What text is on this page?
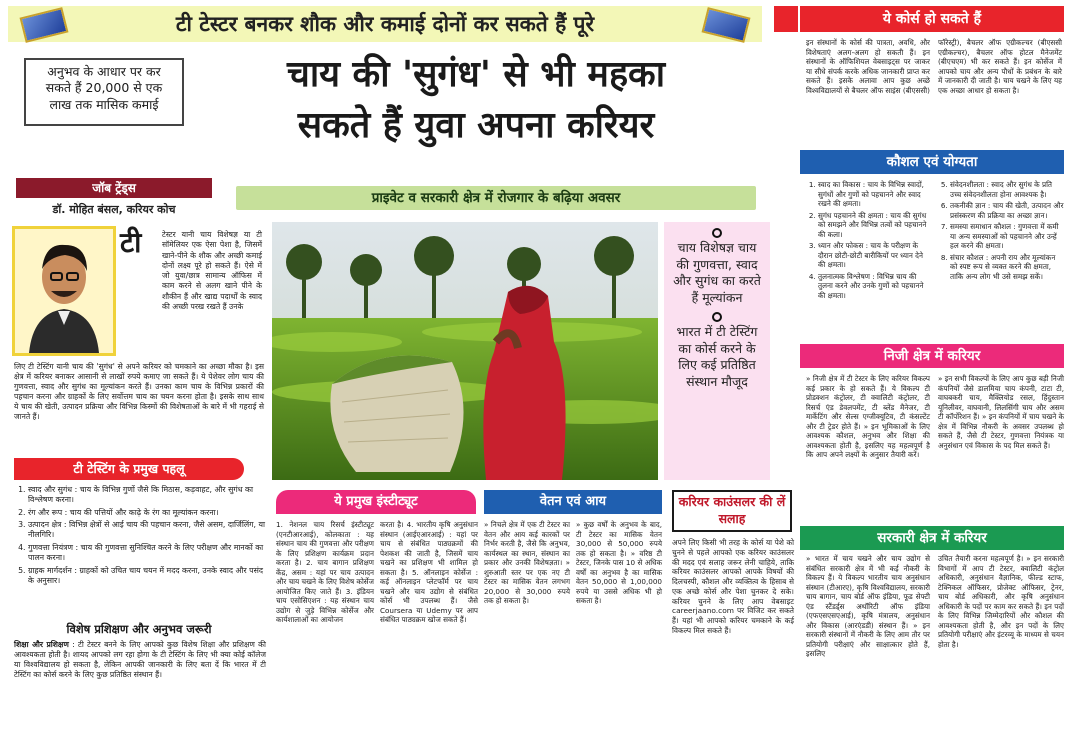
टी टेस्टर बनकर शौक और कमाई दोनों कर सकते हैं पूरे
अनुभव के आधार पर कर सकते हैं 20,000 से एक लाख तक मासिक कमाई
चाय की 'सुगंध' से भी महका
सकते हैं युवा अपना करियर
जॉब ट्रेंड्स
डॉ. मोहित बंसल, करियर कोच
टी	टेस्टर यानी चाय विशेषज्ञ या टी सॉमेलियर एक ऐसा पेशा है, जिसमें खाने-पीने के शौक और अच्छी कमाई दोनों लक्ष्य पूरे हो सकते हैं। ऐसे में जो युवा/छात्र सामान्य ऑफिस में काम करने से अलग खाने पीने के शौकीन हैं और खाद्य पदार्थों के स्वाद की अच्छी परख रखते हैं उनके
लिए टी टेस्टिंग यानी चाय की 'सुगंध' से अपने करियर को चमकाने का अच्छा मौका है। इस क्षेत्र में करियर बनाकर आसानी से लाखों रुपये कमाए जा सकते हैं। ये पेशेवर लोग चाय की गुणवत्ता, स्वाद और सुगंध का मूल्यांकन करते हैं। उनका काम चाय के विभिन्न प्रकारों की पहचान करना और ग्राहकों के लिए सर्वोत्तम चाय का चयन करना होता है। इसके साथ साथ ये चाय की खेती, उत्पादन प्रक्रिया और विभिन्न किस्मों की विशेषताओं के बारे में भी गहराई से जानते हैं।
टी टेस्टिंग के प्रमुख पहलू
1. स्वाद और सुगंध : चाय के विभिन्न गुणों जैसे कि मिठास, कड़वाहट, और सुगंध का विश्लेषण करना।
2. रंग और रूप : चाय की पत्तियों और काढ़े के रंग का मूल्यांकन करना।
3. उत्पादन क्षेत्र : विभिन्न क्षेत्रों से आई चाय की पहचान करना, जैसे असम, दार्जिलिंग, या नीलगिरि।
4. गुणवत्ता नियंत्रण : चाय की गुणवत्ता सुनिश्चित करने के लिए परीक्षण और मानकों का पालन करना।
5. ग्राहक मार्गदर्शन : ग्राहकों को उचित चाय चयन में मदद करना, उनके स्वाद और पसंद के अनुसार।
विशेष प्रशिक्षण और अनुभव जरूरी
शिक्षा और प्रशिक्षण : टी टेस्टर बनने के लिए आपको कुछ विशेष शिक्षा और प्रशिक्षण की आवश्यकता होती है। शायद आपको लग रहा होगा के टी टेस्टिंग के लिए भी क्या कोई कॉलेज या विश्वविद्यालय हो सकता है, लेकिन आपकी जानकारी के लिए बता दें कि भारत में टी टेस्टिंग का कोर्स करने के लिए कुछ प्रतिष्ठित संस्थान हैं।
प्राइवेट व सरकारी क्षेत्र में रोजगार के बढ़िया अवसर
चाय विशेषज्ञ चाय की गुणवत्ता, स्वाद और सुगंध का करते हैं मूल्यांकन
भारत में टी टेस्टिंग का कोर्स करने के लिए कई प्रतिष्ठित संस्थान मौजूद
ये प्रमुख इंस्टीट्यूट
1. नेशनल चाय रिसर्च इंस्टीट्यूट (एनटीआरआई), कोलकाता : यह संस्थान चाय की गुणवत्ता और परीक्षण के लिए प्रशिक्षण कार्यक्रम प्रदान करता है। 2. चाय बागान प्रशिक्षण केंद्र, असम : यहां पर चाय उत्पादन और चाय चखने के लिए विशेष कोर्सेज आयोजित किए जाते हैं। 3. इंडियन चाय एसोसिएशन : यह संस्थान चाय उद्योग से जुड़े विभिन्न कोर्सेज और कार्यशालाओं का आयोजन
करता है। 4. भारतीय कृषि अनुसंधान संस्थान (आईएआरआई) : यहां पर चाय से संबंधित पाठ्यक्रमों की पेशकश की जाती है, जिसमें चाय चखने का प्रशिक्षण भी शामिल हो सकता है। 5. ऑनलाइन कोर्सेज : कई ऑनलाइन प्लेटफॉर्म पर चाय चखने और चाय उद्योग से संबंधित कोर्स भी उपलब्ध हैं। जैसे Coursera या Udemy पर आप संबंधित पाठ्यक्रम खोज सकते हैं।
वेतन एवं आय
» निचले क्षेत्र में एक टी टेस्टर का वेतन और आय कई कारकों पर निर्भर करती है, जैसे कि अनुभव, कार्यस्थल का स्थान, संस्थान का प्रकार और उनकी विशेषज्ञता। » शुरुआती स्तर पर एक नए टी टेस्टर का मासिक वेतन लगभग 20,000 से 30,000 रुपये तक हो सकता है।
» कुछ वर्षों के अनुभव के बाद, टी टेस्टर का मासिक वेतन 30,000 से 50,000 रुपये तक हो सकता है। » वरिष्ठ टी टेस्टर, जिनके पास 10 से अधिक वर्षों का अनुभव है का मासिक वेतन 50,000 से 1,00,000 रुपये या उससे अधिक भी हो सकता है।
करियर काउंसलर की लें सलाह
अपने लिए किसी भी तरह के कोर्स या पेशे को चुनने से पहले आपको एक करियर काउंसलर की मदद एवं सलाह जरूर लेनी चाहिये, ताकि करियर काउंसलर आपको आपके विषयों की दिलचस्पी, कौशल और व्यक्तित्व के हिसाब से एक अच्छे कोर्स और पेशा चुनकर दे सके। करियर चुनने के लिए आप वेबसाइट careerjaano.com पर विजिट कर सकते हैं। यहां भी आपको करियर चमकाने के कई विकल्प मिल सकते हैं।
ये कोर्स हो सकते हैं
इन संस्थानों के कोर्स की पात्रता, अवधि, और विशेषताएं अलग-अलग हो सकती हैं। इन संस्थानों के ऑफिशियल वेबसाइट्स पर जाकर या सीधे संपर्क करके अधिक जानकारी प्राप्त कर सकते हैं। इसके अलावा आप कुछ अच्छे विश्वविद्यालयों से बैचलर ऑफ साइंस (बीएससी)
फॉरेस्ट्री), बैचलर ऑफ एग्रीकल्चर (बीएससी एग्रीकल्चर), बैचलर ऑफ होटल मैनेजमेंट (बीएचएम) भी कर सकते हैं। इन कोर्सेज में आपको चाय और अन्य पौधों के प्रबंधन के बारे में जानकारी दी जाती है। चाय चखने के लिए यह एक अच्छा आधार हो सकता है।
कौशल एवं योग्यता
1. स्वाद का विकास : चाय के विभिन्न स्वादों, सुगंधों और गुणों को पहचानने और स्वाद रखने की क्षमता।
2. सुगंध पहचानने की क्षमता : चाय की सुगंध को समझने और विभिन्न तत्वों को पहचानने की कला।
3. ध्यान और फोकस : चाय के परीक्षण के दौरान छोटी-छोटी बारीकियों पर ध्यान देने की क्षमता।
4. तुलनात्मक विश्लेषण : विभिन्न चाय की तुलना करने और उनके गुणों को पहचानने की क्षमता।
5. संवेदनशीलता : स्वाद और सुगंध के प्रति उच्च संवेदनशीलता होना आवश्यक है।
6. तकनीकी ज्ञान : चाय की खेती, उत्पादन और प्रसंस्करण की प्रक्रिया का अच्छा ज्ञान।
7. समस्या समाधान कौशल : गुणवत्ता में कमी या अन्य समस्याओं को पहचानने और उन्हें हल करने की क्षमता।
8. संचार कौशल : अपनी राय और मूल्यांकन को स्पष्ट रूप से व्यक्त करने की क्षमता, ताकि अन्य लोग भी उसे समझ सकें।
निजी क्षेत्र में करियर
» निजी क्षेत्र में टी टेस्टर के लिए करियर विकल्प कई प्रकार के हो सकते हैं। ये विकल्प टी प्रोडक्शन कंट्रोलर, टी क्वालिटी कंट्रोलर, टी रिसर्च एंड डेवलपमेंट, टी ब्लेंड मैनेजर, टी मार्केटिंग और सेल्स एग्जीक्यूटिव, टी कंसल्टेंट और टी ट्रेडर होते हैं। » इन भूमिकाओं के लिए आवश्यक कौशल, अनुभव और शिक्षा की आवश्यकता होती है, इसलिए यह महत्वपूर्ण है कि आप अपने लक्ष्यों के अनुसार तैयारी करें।
» इन सभी विकल्पों के लिए आप कुछ बड़ी निजी कंपनियों जैसे डालमिया चाय कंपनी, टाटा टी, वाघबकरी चाय, मैक्लियोड रसल, हिंदुस्तान यूनिलीवर, वाघवानी, लिलसिंगी चाय और असम टी कॉर्पोरेशन हैं। » इन कंपनियों में चाय चखने के क्षेत्र में विभिन्न नौकरी के अवसर उपलब्ध हो सकते हैं, जैसे टी टेस्टर, गुणवत्ता नियंत्रक या अनुसंधान एवं विकास के पद मिल सकते हैं।
सरकारी क्षेत्र में करियर
» भारत में चाय चखने और चाय उद्योग से संबंधित सरकारी क्षेत्र में भी कई नौकरी के विकल्प हैं। ये विकल्प भारतीय चाय अनुसंधान संस्थान (टीआरए), कृषि विश्वविद्यालय, सरकारी चाय बागान, चाय बोर्ड ऑफ इंडिया, फूड सेफ्टी एंड स्टैंडर्ड्स अथॉरिटी ऑफ इंडिया (एफएसएसएआई), कृषि मंत्रालय, अनुसंधान और विकास (आरएंडडी) संस्थान हैं। » इन सरकारी संस्थानों में नौकरी के लिए आम तौर पर प्रतियोगी परीक्षाएं और साक्षात्कार होते हैं, इसलिए
उचित तैयारी करना महत्वपूर्ण है। » इन सरकारी विभागों में आप टी टेस्टर, क्वालिटी कंट्रोल अधिकारी, अनुसंधान वैज्ञानिक, फील्ड स्टाफ, टेक्निकल ऑफिसर, प्रोजेक्ट ऑफिसर, ट्रेनर, चाय बोर्ड अधिकारी, और कृषि अनुसंधान अधिकारी के पदों पर काम कर सकते हैं। इन पदों के लिए विभिन्न जिम्मेदारियों और कौशल की आवश्यकता होती है, और इन पदों के लिए प्रतियोगी परीक्षाएं और इंटरव्यू के माध्यम से चयन होता है।
